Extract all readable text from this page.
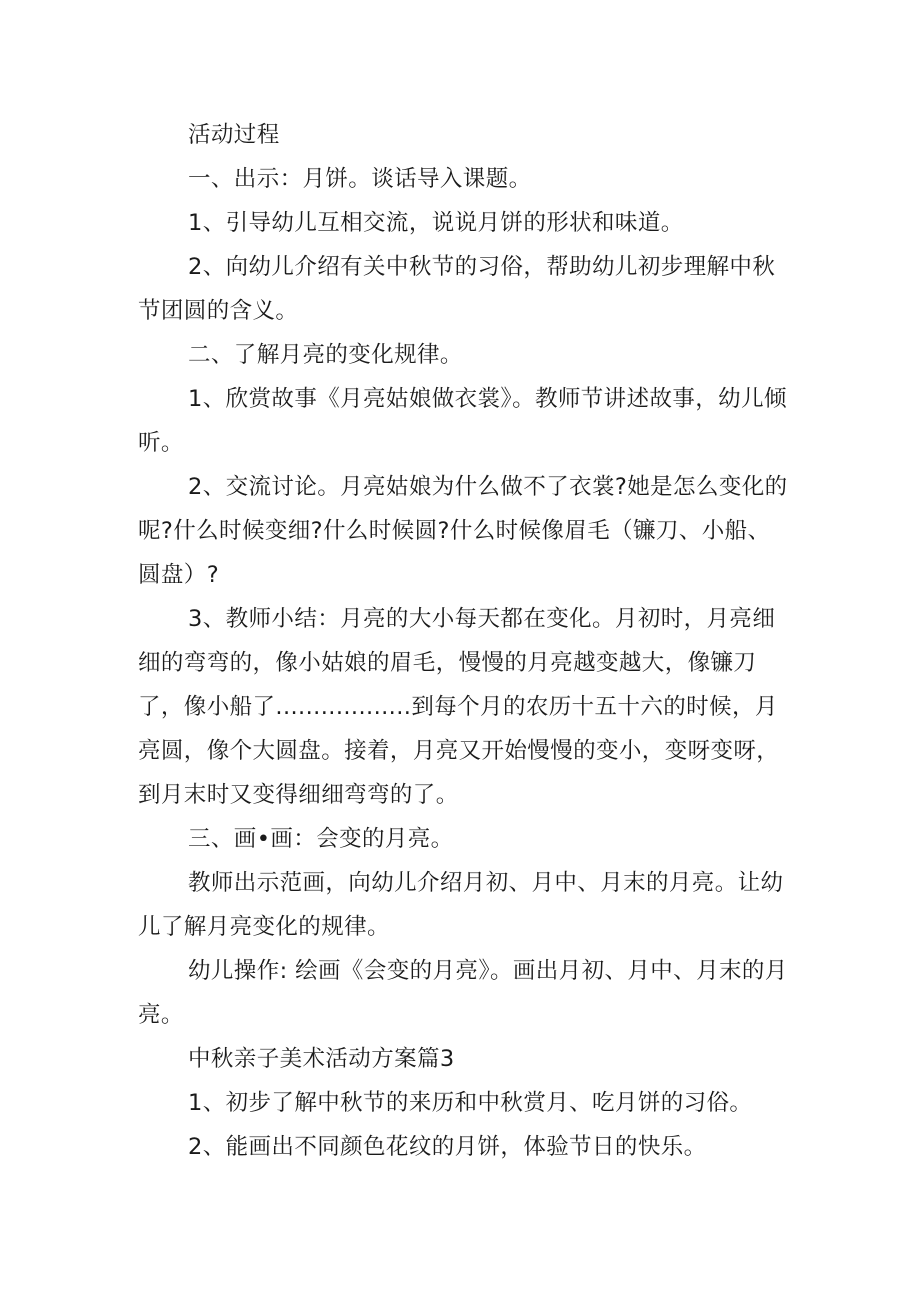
活动过程

一、出示：月饼。谈话导入课题。

1、引导幼儿互相交流，说说月饼的形状和味道。

2、向幼儿介绍有关中秋节的习俗，帮助幼儿初步理解中秋节团圆的含义。

二、了解月亮的变化规律。

1、欣赏故事《月亮姑娘做衣裳》。教师节讲述故事，幼儿倾听。

2、交流讨论。月亮姑娘为什么做不了衣裳?她是怎么变化的呢?什么时候变细?什么时候圆?什么时候像眉毛（镰刀、小船、圆盘）?

3、教师小结：月亮的大小每天都在变化。月初时，月亮细细的弯弯的，像小姑娘的眉毛，慢慢的月亮越变越大，像镰刀了，像小船了..................到每个月的农历十五十六的时候，月亮圆，像个大圆盘。接着，月亮又开始慢慢的变小，变呀变呀，到月末时又变得细细弯弯的了。

三、画•画：会变的月亮。

教师出示范画，向幼儿介绍月初、月中、月末的月亮。让幼儿了解月亮变化的规律。

幼儿操作: 绘画《会变的月亮》。画出月初、月中、月末的月亮。

中秋亲子美术活动方案篇3

1、初步了解中秋节的来历和中秋赏月、吃月饼的习俗。

2、能画出不同颜色花纹的月饼，体验节日的快乐。
